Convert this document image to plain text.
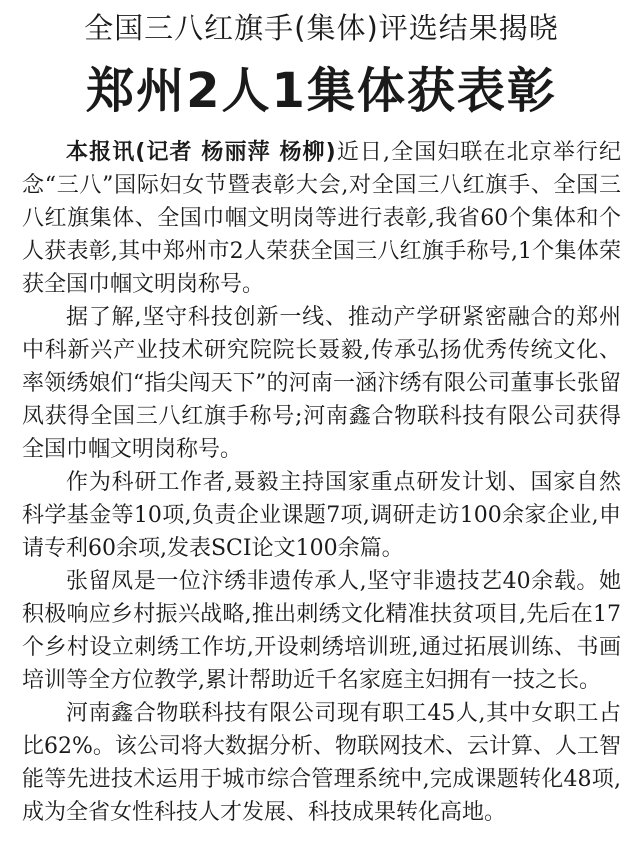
全国三八红旗手(集体)评选结果揭晓
郑州2人1集体获表彰

本报讯(记者 杨丽萍 杨柳)近日,全国妇联在北京举行纪念“三八”国际妇女节暨表彰大会,对全国三八红旗手、全国三八红旗集体、全国巾帼文明岗等进行表彰,我省60个集体和个人获表彰,其中郑州市2人荣获全国三八红旗手称号,1个集体荣获全国巾帼文明岗称号。

据了解,坚守科技创新一线、推动产学研紧密融合的郑州中科新兴产业技术研究院院长聂毅,传承弘扬优秀传统文化、率领绣娘们“指尖闯天下”的河南一涵汴绣有限公司董事长张留凤获得全国三八红旗手称号;河南鑫合物联科技有限公司获得全国巾帼文明岗称号。

作为科研工作者,聂毅主持国家重点研发计划、国家自然科学基金等10项,负责企业课题7项,调研走访100余家企业,申请专利60余项,发表SCI论文100余篇。

张留凤是一位汴绣非遗传承人,坚守非遗技艺40余载。她积极响应乡村振兴战略,推出刺绣文化精准扶贫项目,先后在17个乡村设立刺绣工作坊,开设刺绣培训班,通过拓展训练、书画培训等全方位教学,累计帮助近千名家庭主妇拥有一技之长。

河南鑫合物联科技有限公司现有职工45人,其中女职工占比62%。该公司将大数据分析、物联网技术、云计算、人工智能等先进技术运用于城市综合管理系统中,完成课题转化48项,成为全省女性科技人才发展、科技成果转化高地。
